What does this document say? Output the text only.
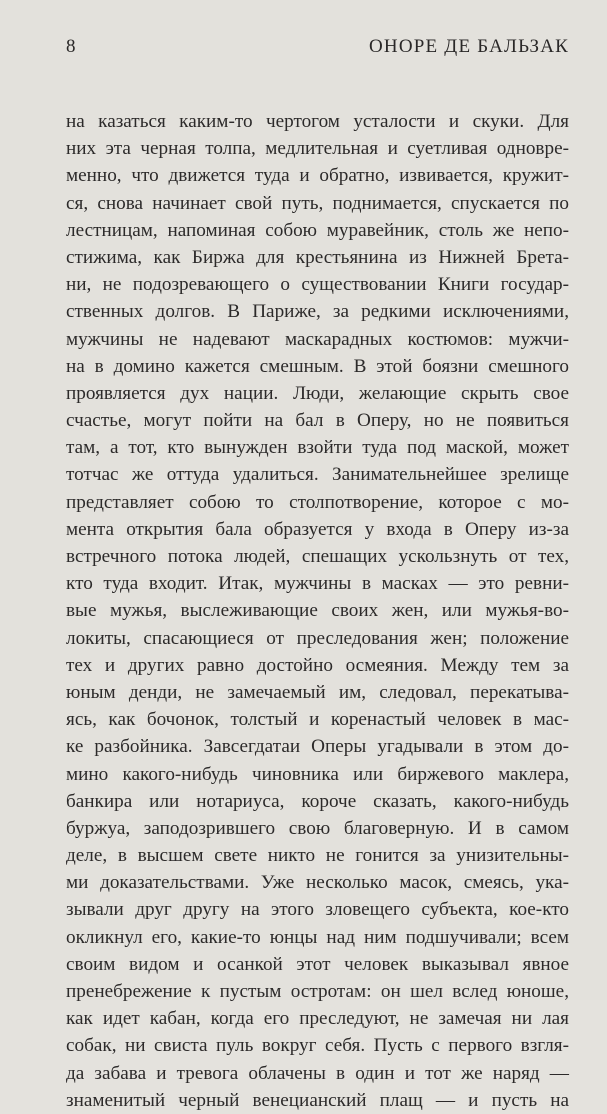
8	ОНОРЕ ДЕ БАЛЬЗАК
на казаться каким-то чертогом усталости и скуки. Для
них эта черная толпа, медлительная и суетливая одновре-
менно, что движется туда и обратно, извивается, кружит-
ся, снова начинает свой путь, поднимается, спускается по
лестницам, напоминая собою муравейник, столь же непо-
стижима, как Биржа для крестьянина из Нижней Брета-
ни, не подозревающего о существовании Книги государ-
ственных долгов. В Париже, за редкими исключениями,
мужчины не надевают маскарадных костюмов: мужчи-
на в домино кажется смешным. В этой боязни смешного
проявляется дух нации. Люди, желающие скрыть свое
счастье, могут пойти на бал в Оперу, но не появиться
там, а тот, кто вынужден взойти туда под маской, может
тотчас же оттуда удалиться. Занимательнейшее зрелище
представляет собою то столпотворение, которое с мо-
мента открытия бала образуется у входа в Оперу из-за
встречного потока людей, спешащих ускользнуть от тех,
кто туда входит. Итак, мужчины в масках — это ревни-
вые мужья, выслеживающие своих жен, или мужья-во-
локиты, спасающиеся от преследования жен; положение
тех и других равно достойно осмеяния. Между тем за
юным денди, не замечаемый им, следовал, перекатыва-
ясь, как бочонок, толстый и коренастый человек в мас-
ке разбойника. Завсегдатаи Оперы угадывали в этом до-
мино какого-нибудь чиновника или биржевого маклера,
банкира или нотариуса, короче сказать, какого-нибудь
буржуа, заподозрившего свою благоверную. И в самом
деле, в высшем свете никто не гонится за унизительны-
ми доказательствами. Уже несколько масок, смеясь, ука-
зывали друг другу на этого зловещего субъекта, кое-кто
окликнул его, какие-то юнцы над ним подшучивали; всем
своим видом и осанкой этот человек выказывал явное
пренебрежение к пустым остротам: он шел вслед юноше,
как идет кабан, когда его преследуют, не замечая ни лая
собак, ни свиста пуль вокруг себя. Пусть с первого взгля-
да забава и тревога облачены в один и тот же наряд —
знаменитый черный венецианский плащ — и пусть на
